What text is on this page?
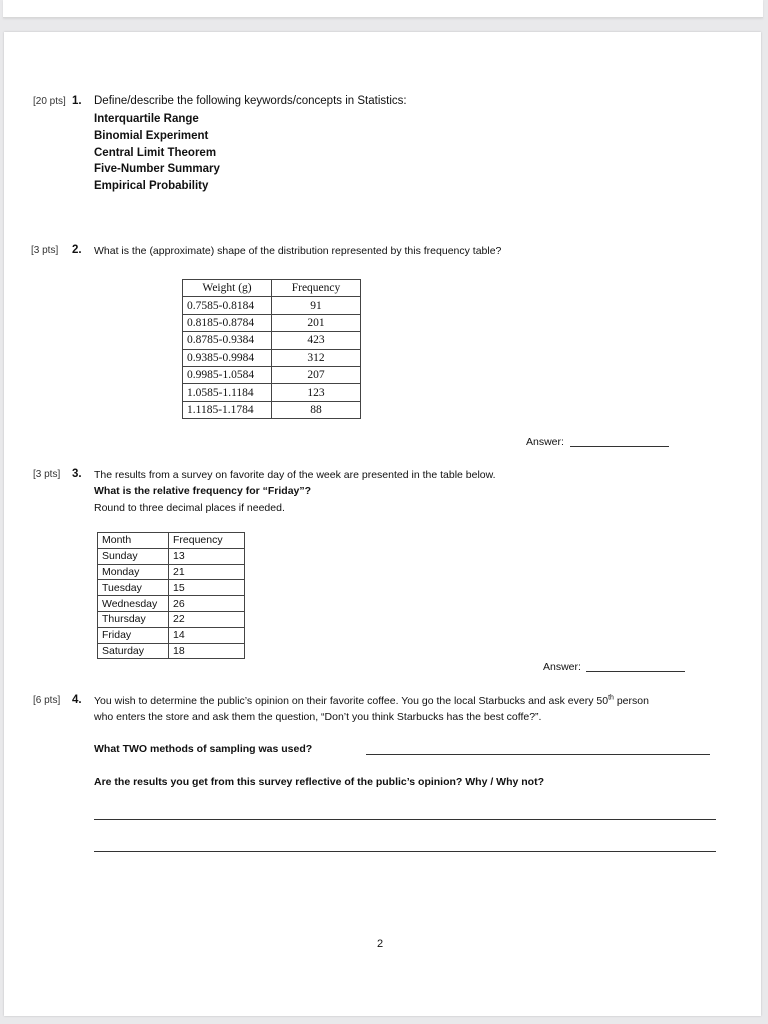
[20 pts] 1. Define/describe the following keywords/concepts in Statistics:
Interquartile Range
Binomial Experiment
Central Limit Theorem
Five-Number Summary
Empirical Probability
[3 pts] 2. What is the (approximate) shape of the distribution represented by this frequency table?
Weight (g)	Frequency
0.7585-0.8184	91
0.8185-0.8784	201
0.8785-0.9384	423
0.9385-0.9984	312
0.9985-1.0584	207
1.0585-1.1184	123
1.1185-1.1784	88
Answer:
[3 pts] 3. The results from a survey on favorite day of the week are presented in the table below.
What is the relative frequency for “Friday”?
Round to three decimal places if needed.
Month	Frequency
Sunday	13
Monday	21
Tuesday	15
Wednesday	26
Thursday	22
Friday	14
Saturday	18
Answer:
[6 pts] 4. You wish to determine the public’s opinion on their favorite coffee. You go the local Starbucks and ask every 50th person
who enters the store and ask them the question, “Don’t you think Starbucks has the best coffe?”.
What TWO methods of sampling was used?
Are the results you get from this survey reflective of the public’s opinion? Why / Why not?
2
